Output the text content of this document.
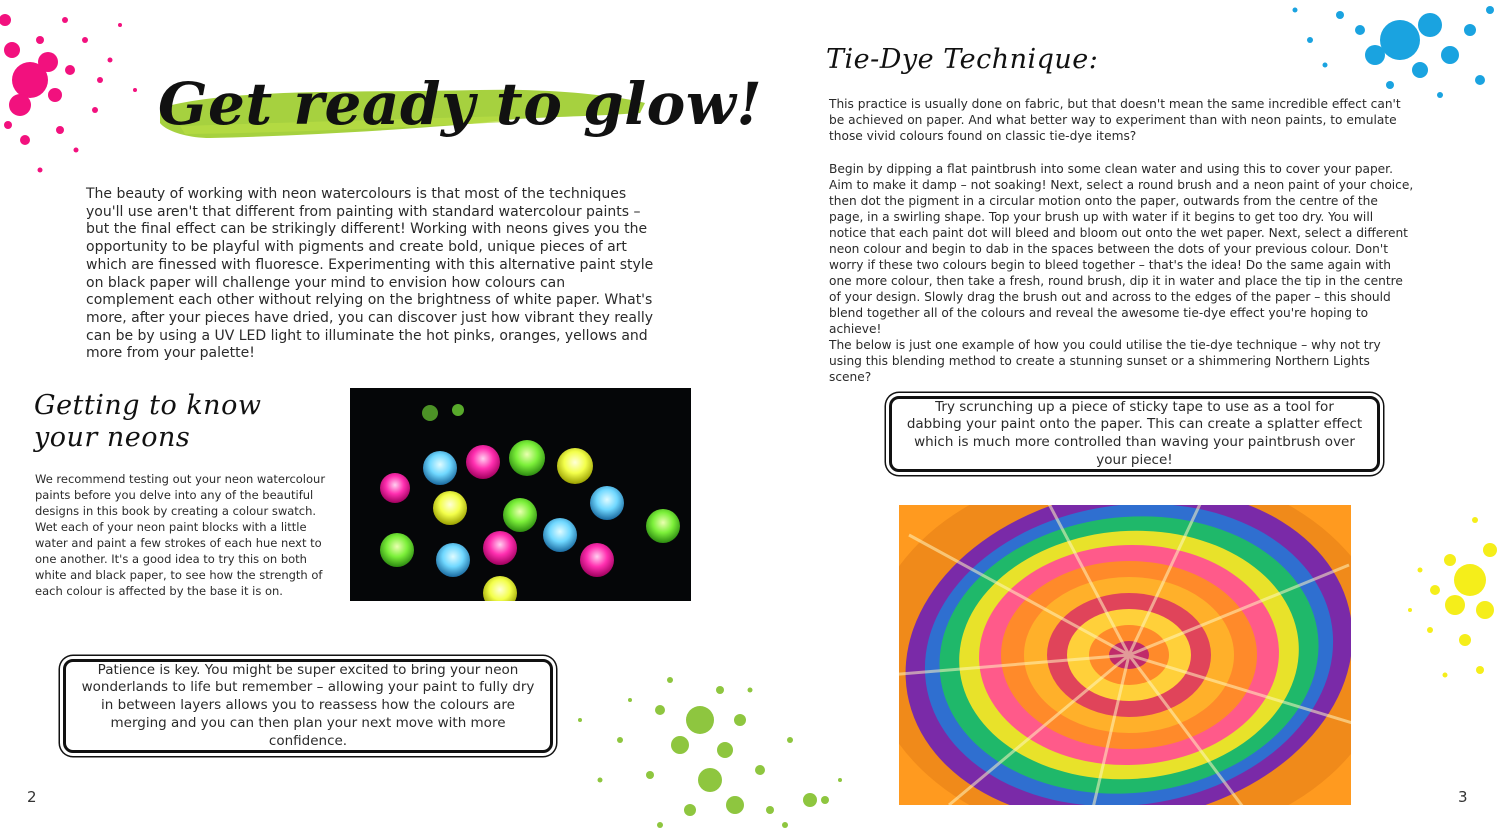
Get ready to glow!
The beauty of working with neon watercolours is that most of the techniques you'll use aren't that different from painting with standard watercolour paints – but the final effect can be strikingly different! Working with neons gives you the opportunity to be playful with pigments and create bold, unique pieces of art which are finessed with fluoresce. Experimenting with this alternative paint style on black paper will challenge your mind to envision how colours can complement each other without relying on the brightness of white paper. What's more, after your pieces have dried, you can discover just how vibrant they really can be by using a UV LED light to illuminate the hot pinks, oranges, yellows and more from your palette!
Getting to know
your neons
We recommend testing out your neon watercolour paints before you delve into any of the beautiful designs in this book by creating a colour swatch. Wet each of your neon paint blocks with a little water and paint a few strokes of each hue next to one another. It's a good idea to try this on both white and black paper, to see how the strength of each colour is affected by the base it is on.

Patience is key. You might be super excited to bring your neon wonderlands to life but remember – allowing your paint to fully dry in between layers allows you to reassess how the colours are merging and you can then plan your next move with more confidence.

2
Tie-Dye Technique:
This practice is usually done on fabric, but that doesn't mean the same incredible effect can't be achieved on paper. And what better way to experiment than with neon paints, to emulate those vivid colours found on classic tie-dye items?
Begin by dipping a flat paintbrush into some clean water and using this to cover your paper. Aim to make it damp – not soaking! Next, select a round brush and a neon paint of your choice, then dot the pigment in a circular motion onto the paper, outwards from the centre of the page, in a swirling shape. Top your brush up with water if it begins to get too dry. You will notice that each paint dot will bleed and bloom out onto the wet paper. Next, select a different neon colour and begin to dab in the spaces between the dots of your previous colour. Don't worry if these two colours begin to bleed together – that's the idea! Do the same again with one more colour, then take a fresh, round brush, dip it in water and place the tip in the centre of your design. Slowly drag the brush out and across to the edges of the paper – this should blend together all of the colours and reveal the awesome tie-dye effect you're hoping to achieve!
The below is just one example of how you could utilise the tie-dye technique – why not try using this blending method to create a stunning sunset or a shimmering Northern Lights scene?

Try scrunching up a piece of sticky tape to use as a tool for dabbing your paint onto the paper. This can create a splatter effect which is much more controlled than waving your paintbrush over your piece!

3
